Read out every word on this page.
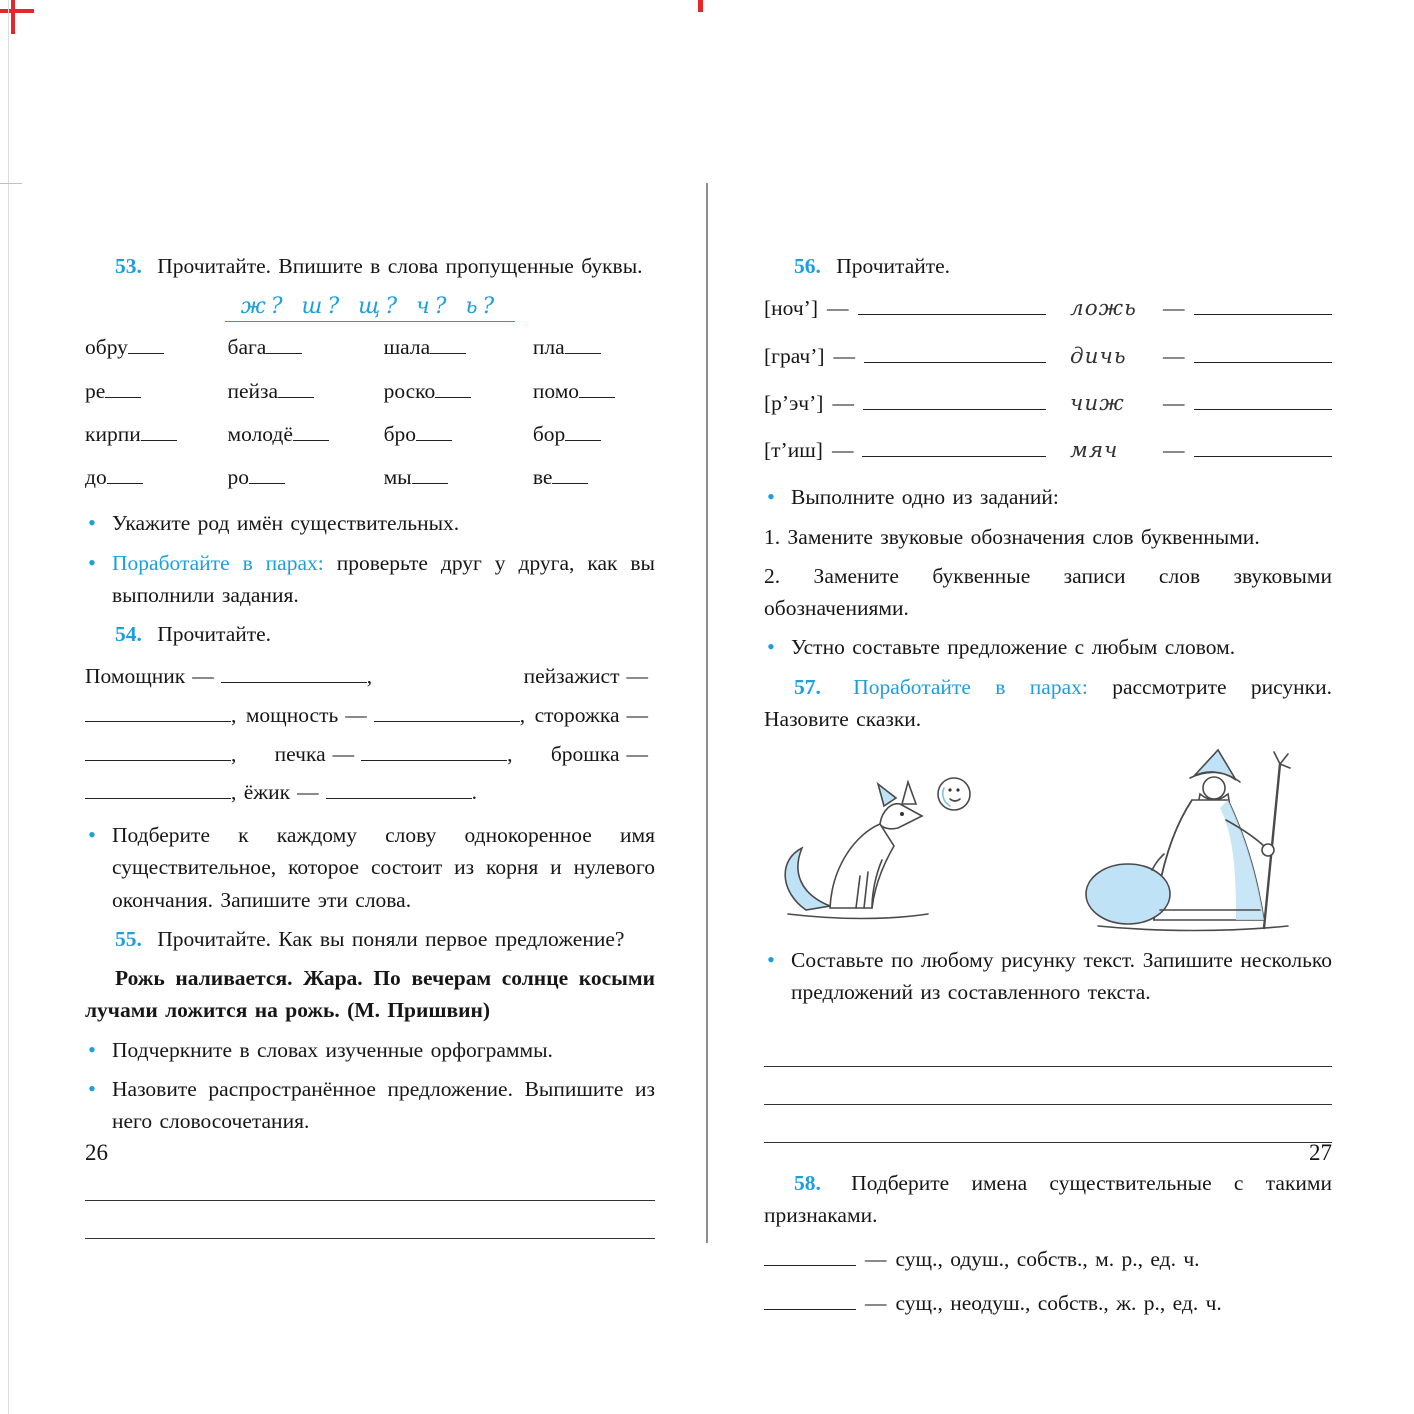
53. Прочитайте. Впишите в слова пропущенные буквы.

ж? ш? щ? ч? ь?
обру	бага	шала	пла
ре	пейза	роско	помо
кирпи	молодё	бро	бор
до	ро	мы	ве

• Укажите род имён существительных.

• Поработайте в парах: проверьте друг у друга, как вы выполнили задания.

54. Прочитайте.

Помощник —	,	пейзажист —, мощность —	, сторожка —, печка —	, брошка —, ёжик —	.

• Подберите к каждому слову однокоренное имя существительное, которое состоит из корня и нулевого окончания. Запишите эти слова.

55. Прочитайте. Как вы поняли первое предложение?

Рожь наливается. Жара. По вечерам солнце косыми лучами ложится на рожь. (М. Пришвин)

• Подчеркните в словах изученные орфограммы.

• Назовите распространённое предложение. Выпишите из него словосочетания.

56. Прочитайте.

[ноч’] —	ложь	—
[грач’] —	дичь	—
[р’эч’] —	чиж	—
[т’иш] —	мяч	—

• Выполните одно из заданий:

1. Замените звуковые обозначения слов буквенными.

2. Замените буквенные записи слов звуковыми обозначениями.

• Устно составьте предложение с любым словом.

57. Поработайте в парах: рассмотрите рисунки. Назовите сказки.

• Составьте по любому рисунку текст. Запишите несколько предложений из составленного текста.

58. Подберите имена существительные с такими признаками.

— сущ., одуш., собств., м. р., ед. ч.
— сущ., неодуш., собств., ж. р., ед. ч.
26	27
